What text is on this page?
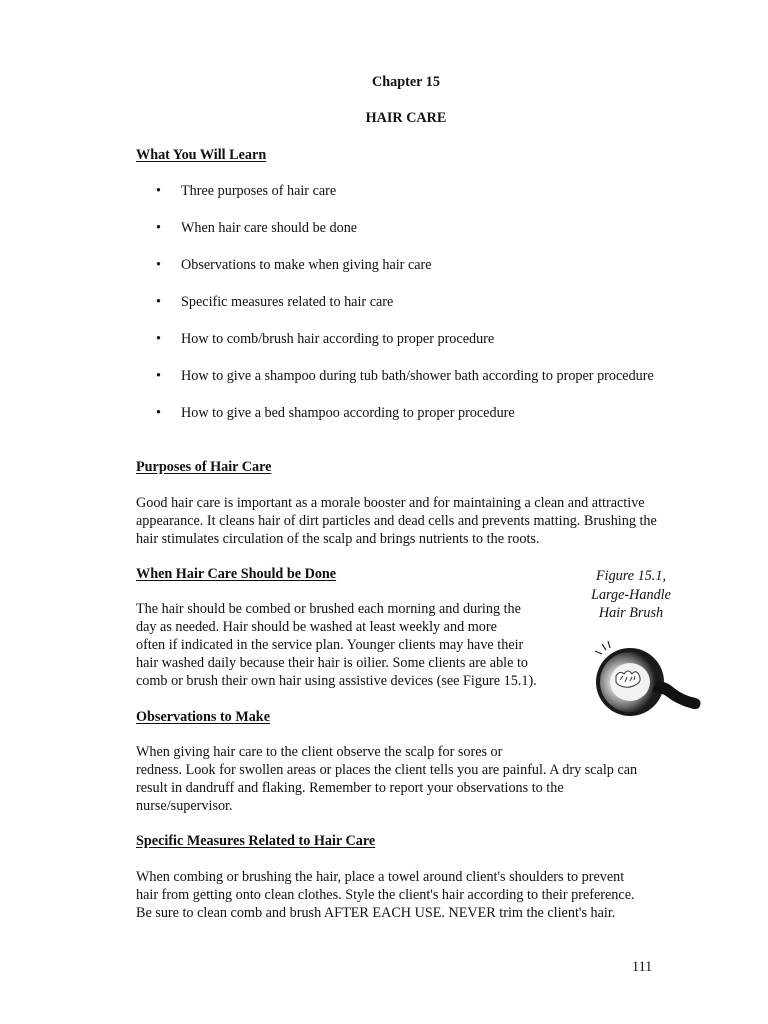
Chapter 15
HAIR CARE
What You Will Learn
• Three purposes of hair care
• When hair care should be done
• Observations to make when giving hair care
• Specific measures related to hair care
• How to comb/brush hair according to proper procedure
• How to give a shampoo during tub bath/shower bath according to proper procedure
• How to give a bed shampoo according to proper procedure
Purposes of Hair Care

Good hair care is important as a morale booster and for maintaining a clean and attractive appearance. It cleans hair of dirt particles and dead cells and prevents matting. Brushing the hair stimulates circulation of the scalp and brings nutrients to the roots.

When Hair Care Should be Done

The hair should be combed or brushed each morning and during the
day as needed. Hair should be washed at least weekly and more
often if indicated in the service plan. Younger clients may have their
hair washed daily because their hair is oilier. Some clients are able to
comb or brush their own hair using assistive devices (see Figure 15.1).

Figure 15.1,
Large-Handle
Hair Brush
Observations to Make

When giving hair care to the client observe the scalp for sores or
redness. Look for swollen areas or places the client tells you are painful. A dry scalp can
result in dandruff and flaking. Remember to report your observations to the
nurse/supervisor.

Specific Measures Related to Hair Care

When combing or brushing the hair, place a towel around client's shoulders to prevent
hair from getting onto clean clothes. Style the client's hair according to their preference.
Be sure to clean comb and brush AFTER EACH USE. NEVER trim the client's hair.

111
